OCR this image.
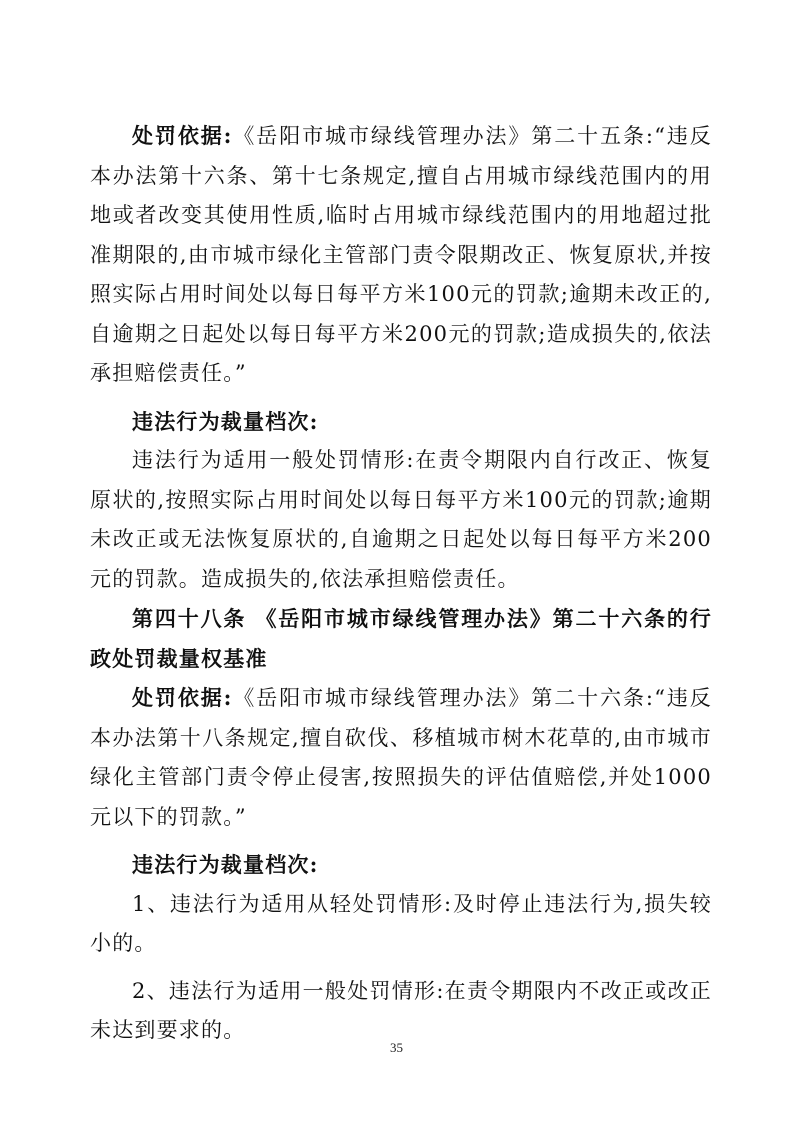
处罚依据:《岳阳市城市绿线管理办法》第二十五条:“违反本办法第十六条、第十七条规定,擅自占用城市绿线范围内的用地或者改变其使用性质,临时占用城市绿线范围内的用地超过批准期限的,由市城市绿化主管部门责令限期改正、恢复原状,并按照实际占用时间处以每日每平方米100元的罚款;逾期未改正的,自逾期之日起处以每日每平方米200元的罚款;造成损失的,依法承担赔偿责任。”

违法行为裁量档次:

违法行为适用一般处罚情形:在责令期限内自行改正、恢复原状的,按照实际占用时间处以每日每平方米100元的罚款;逾期未改正或无法恢复原状的,自逾期之日起处以每日每平方米200元的罚款。造成损失的,依法承担赔偿责任。

第四十八条 《岳阳市城市绿线管理办法》第二十六条的行政处罚裁量权基准

处罚依据:《岳阳市城市绿线管理办法》第二十六条:“违反本办法第十八条规定,擅自砍伐、移植城市树木花草的,由市城市绿化主管部门责令停止侵害,按照损失的评估值赔偿,并处1000元以下的罚款。”

违法行为裁量档次:

1、违法行为适用从轻处罚情形:及时停止违法行为,损失较小的。

2、违法行为适用一般处罚情形:在责令期限内不改正或改正未达到要求的。

35
